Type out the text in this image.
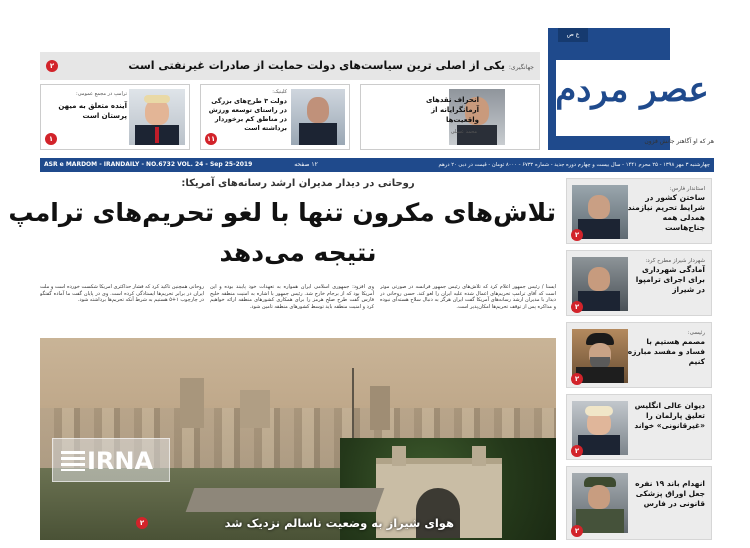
ع ص
عصر مردم
هر که او آگاهتر جانش فزون
۲	جهانگیری: یکی از اصلی ترین سیاست‌های دولت حمایت از صادرات غیرنفتی است
انحراف نقدهای آرمانگرایانه از واقعیت‌ها
محمد عسلی
کلینیک:
دولت ۳ طرح‌های بزرگی در راستای توسعه ورزش در مناطق کم برخوردار برداشته است
۱۱
ترامپ در مجمع عمومی:
آینده متعلق به میهن پرستان است
۱
ASR e MARDOM - IRANDAILY - NO.6732 VOL. 24 - Sep 25-2019	۱۲ صفحه	چهارشنبه ۳ مهر ۱۳۹۸ - ۲۵ محرم ۱۴۴۱ - سال بیست و چهارم دوره جدید - شماره ۶۷۳۲ - ۸۰۰۰ تومان - قیمت در دبی ۲۰ درهم
روحانی در دیدار مدیران ارشد رسانه‌های آمریکا:
تلاش‌های مکرون تنها با لغو تحریم‌های ترامپ
نتیجه می‌دهد
ایسنا / رئیس جمهور اعلام کرد که تلاش‌های رئیس جمهور فرانسه در صورتی موثر است که آقای ترامپ تحریم‌های اعمال شده علیه ایران را لغو کند. حسن روحانی در دیدار با مدیران ارشد رسانه‌های آمریکا گفت ایران هرگز به دنبال سلاح هسته‌ای نبوده و مذاکره پس از توقف تحریم‌ها امکان‌پذیر است.
وی افزود: جمهوری اسلامی ایران همواره به تعهدات خود پایبند بوده و این آمریکا بود که از برجام خارج شد. رئیس جمهور با اشاره به امنیت منطقه خلیج فارس گفت طرح صلح هرمز را برای همکاری کشورهای منطقه ارائه خواهیم کرد و امنیت منطقه باید توسط کشورهای منطقه تامین شود.
روحانی همچنین تاکید کرد که فشار حداکثری آمریکا شکست خورده است و ملت ایران در برابر تحریم‌ها ایستادگی کرده است. وی در پایان گفت ما آماده گفتگو در چارچوب ۱+۵ هستیم به شرط آنکه تحریم‌ها برداشته شود.
IRNA
۲	هوای شیراز به وضعیت ناسالم نزدیک شد
استاندار فارس:
ساختن کشور در شرایط تحریم نیازمند همدلی همه جناح‌هاست
۲
شهردار شیراز مطرح کرد:
آمادگی شهرداری برای اجرای ترامپوا در شیراز
۲
رئیسی:
مصمم هستیم با فساد و مفسد مبارزه کنیم
۲
دیوان عالی انگلیس تعلیق پارلمان را «غیرقانونی» خواند
۲
انهدام باند ۱۹ نفره جعل اوراق پزشکی قانونی در فارس
۲
